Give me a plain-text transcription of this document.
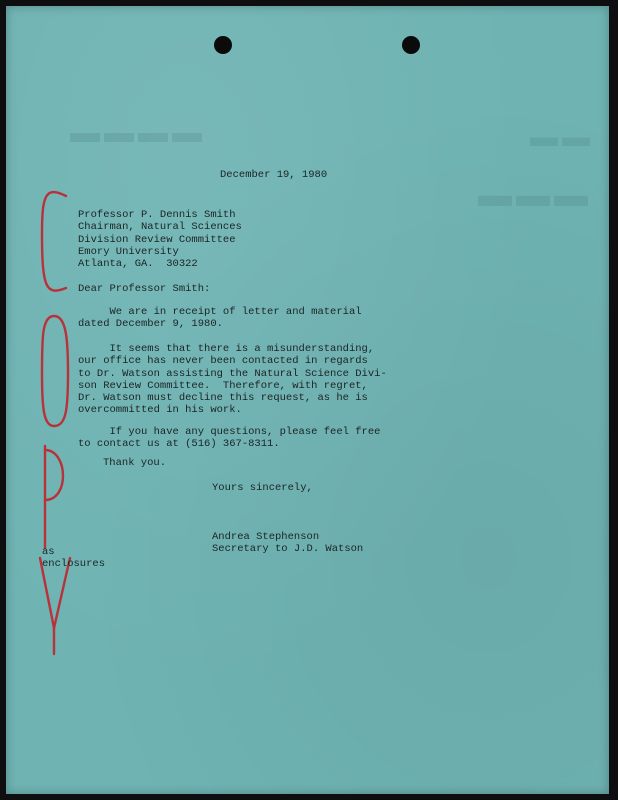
▬▬▬▬
▬▬▬
▬▬

December 19, 1980

Professor P. Dennis Smith
Chairman, Natural Sciences
Division Review Committee
Emory University
Atlanta, GA.  30322

Dear Professor Smith:

We are in receipt of letter and material
dated December 9, 1980.

It seems that there is a misunderstanding,
our office has never been contacted in regards
to Dr. Watson assisting the Natural Science Divi-
son Review Committee.  Therefore, with regret,
Dr. Watson must decline this request, as he is
overcommitted in his work.

If you have any questions, please feel free
to contact us at (516) 367-8311.

Thank you.

Yours sincerely,

Andrea Stephenson
Secretary to J.D. Watson

as
enclosures
